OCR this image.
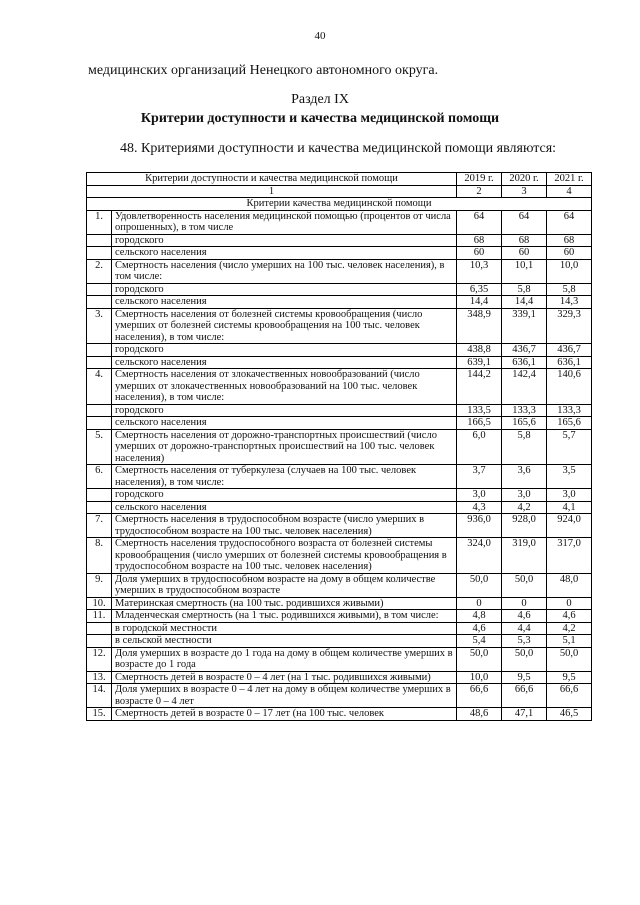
40
медицинских организаций Ненецкого автономного округа.
Раздел IX
Критерии доступности и качества медицинской помощи
48. Критериями доступности и качества медицинской помощи являются:
Критерии доступности и качества медицинской помощи		2019 г.	2020 г.	2021 г.
1		2	3	4
Критерии качества медицинской помощи				
1.	Удовлетворенность населения медицинской помощью (процентов от числа опрошенных), в том числе	64	64	64
	городского	68	68	68
	сельского населения	60	60	60
2.	Смертность населения (число умерших на 100 тыс. человек населения), в том числе:	10,3	10,1	10,0
	городского	6,35	5,8	5,8
	сельского населения	14,4	14,4	14,3
3.	Смертность населения от болезней системы кровообращения (число умерших от болезней системы кровообращения на 100 тыс. человек населения), в том числе:	348,9	339,1	329,3
	городского	438,8	436,7	436,7
	сельского населения	639,1	636,1	636,1
4.	Смертность населения от злокачественных новообразований (число умерших от злокачественных новообразований на 100 тыс. человек населения), в том числе:	144,2	142,4	140,6
	городского	133,5	133,3	133,3
	сельского населения	166,5	165,6	165,6
5.	Смертность населения от дорожно-транспортных происшествий (число умерших от дорожно-транспортных происшествий на 100 тыс. человек населения)	6,0	5,8	5,7
6.	Смертность населения от туберкулеза (случаев на 100 тыс. человек населения), в том числе:	3,7	3,6	3,5
	городского	3,0	3,0	3,0
	сельского населения	4,3	4,2	4,1
7.	Смертность населения в трудоспособном возрасте (число умерших в трудоспособном возрасте на 100 тыс. человек населения)	936,0	928,0	924,0
8.	Смертность населения трудоспособного возраста от болезней системы кровообращения (число умерших от болезней системы кровообращения в трудоспособном возрасте на 100 тыс. человек населения)	324,0	319,0	317,0
9.	Доля умерших в трудоспособном возрасте на дому в общем количестве умерших в трудоспособном возрасте	50,0	50,0	48,0
10.	Материнская смертность (на 100 тыс. родившихся живыми)	0	0	0
11.	Младенческая смертность (на 1 тыс. родившихся живыми), в том числе:	4,8	4,6	4,6
	в городской местности	4,6	4,4	4,2
	в сельской местности	5,4	5,3	5,1
12.	Доля умерших в возрасте до 1 года на дому в общем количестве умерших в возрасте до 1 года	50,0	50,0	50,0
13.	Смертность детей в возрасте 0 – 4 лет (на 1 тыс. родившихся живыми)	10,0	9,5	9,5
14.	Доля умерших в возрасте 0 – 4 лет на дому в общем количестве умерших в возрасте 0 – 4 лет	66,6	66,6	66,6
15.	Смертность детей в возрасте 0 – 17 лет (на 100 тыс. человек	48,6	47,1	46,5
